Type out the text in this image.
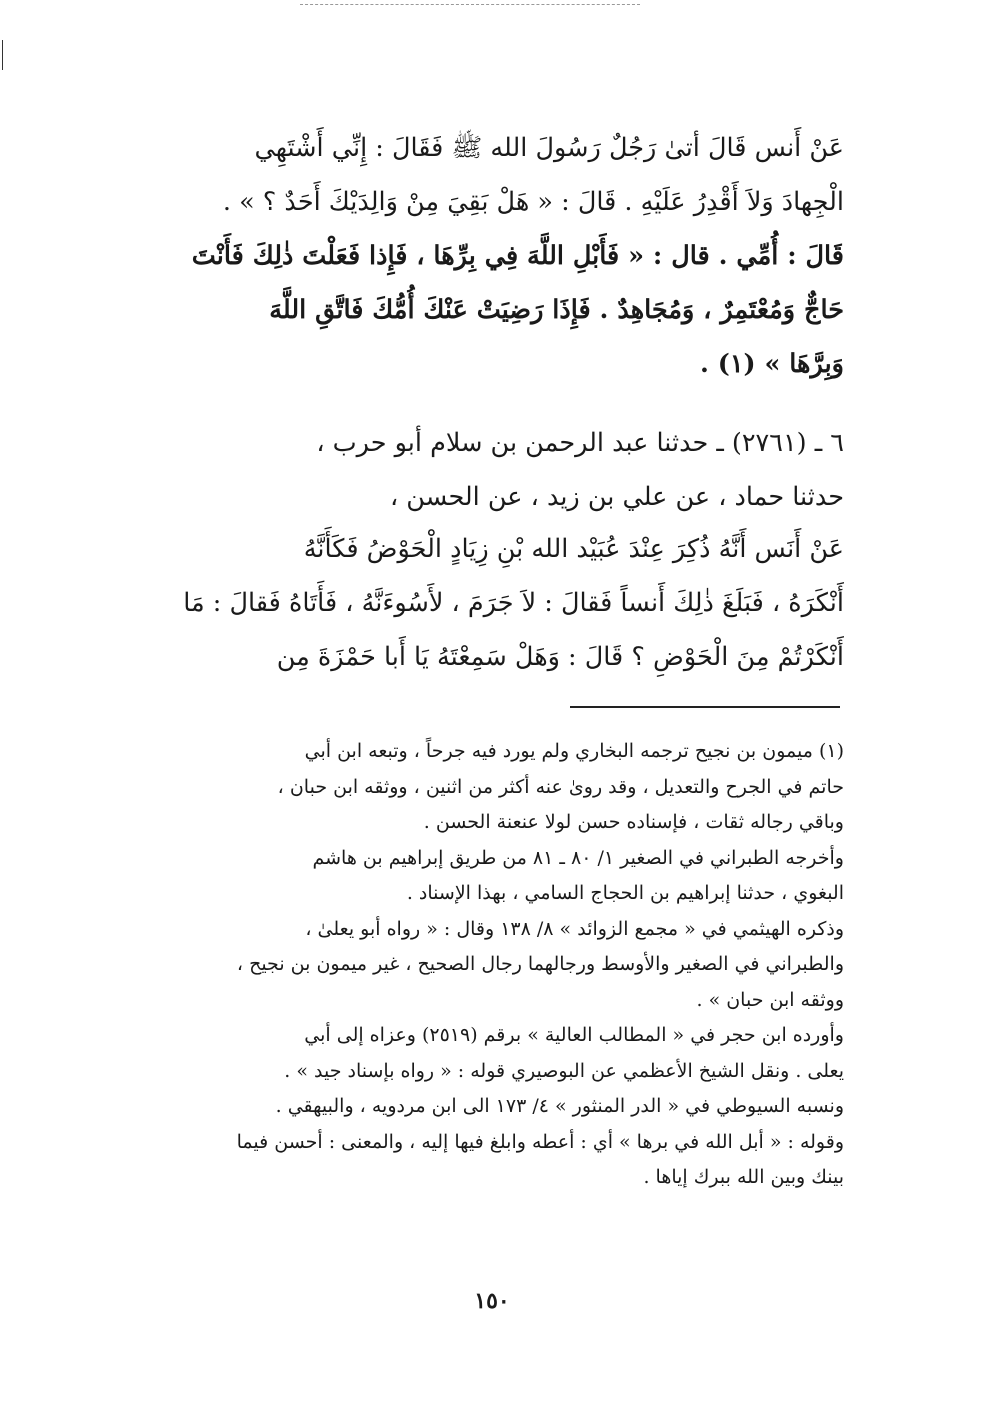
عَنْ أَنس قَالَ أتىٰ رَجُلٌ رَسُولَ الله ﷺ فَقَالَ : إِنِّي أَشْتَهِي
الْجِهادَ وَلاَ أَقْدِرُ عَلَيْهِ . قَالَ : « هَلْ بَقِيَ مِنْ وَالِدَيْكَ أَحَدٌ ؟ » .
قَالَ : أُمِّي . قال : « فَأَبْلِ اللَّهَ فِي بِرِّهَا ، فَإِذا فَعَلْتَ ذٰلِكَ فَأَنْتَ
حَاجٌّ وَمُعْتَمِرٌ ، وَمُجَاهِدٌ . فَإِذَا رَضِيَتْ عَنْكَ أُمُّكَ فَاتَّقِ اللَّهَ
وَبِرَّهَا » (١) .
٦ ـ (٢٧٦١) ـ حدثنا عبد الرحمن بن سلام أبو حرب ،
حدثنا حماد ، عن علي بن زيد ، عن الحسن ،
عَنْ أَنَس أَنَّهُ ذُكِرَ عِنْدَ عُبَيْد الله بْنِ زِيَادٍ الْحَوْضُ فَكَأَنَّهُ
أَنْكَرَهُ ، فَبَلَغَ ذٰلِكَ أَنساً فَقالَ : لاَ جَرَمَ ، لأَسُوءَنَّهُ ، فَأَتَاهُ فَقالَ : مَا
أَنْكَرْتُمْ مِنَ الْحَوْضِ ؟ قَالَ : وَهَلْ سَمِعْتَهُ يَا أَبا حَمْزَةَ مِن
(١) ميمون بن نجيح ترجمه البخاري ولم يورد فيه جرحاً ، وتبعه ابن أبي
حاتم في الجرح والتعديل ، وقد روىٰ عنه أكثر من اثنين ، ووثقه ابن حبان ،
وباقي رجاله ثقات ، فإسناده حسن لولا عنعنة الحسن .
وأخرجه الطبراني في الصغير ١/ ٨٠ ـ ٨١ من طريق إبراهيم بن هاشم
البغوي ، حدثنا إبراهيم بن الحجاج السامي ، بهذا الإسناد .
وذكره الهيثمي في « مجمع الزوائد » ٨/ ١٣٨ وقال : « رواه أبو يعلىٰ ،
والطبراني في الصغير والأوسط ورجالهما رجال الصحيح ، غير ميمون بن نجيح ،
ووثقه ابن حبان » .
وأورده ابن حجر في « المطالب العالية » برقم (٢٥١٩) وعزاه إلى أبي
يعلى . ونقل الشيخ الأعظمي عن البوصيري قوله : « رواه بإسناد جيد » .
ونسبه السيوطي في « الدر المنثور » ٤/ ١٧٣ الى ابن مردويه ، والبيهقي .
وقوله : « أبل الله في برها » أي : أعطه وابلغ فيها إليه ، والمعنى : أحسن فيما
بينك وبين الله ببرك إياها .
١٥٠
